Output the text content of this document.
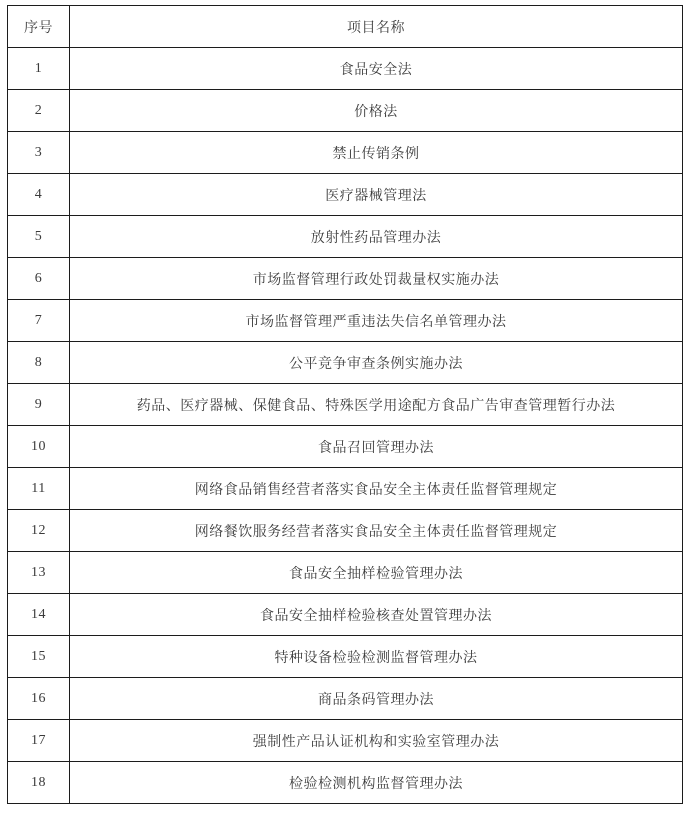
序号	项目名称
1	食品安全法
2	价格法
3	禁止传销条例
4	医疗器械管理法
5	放射性药品管理办法
6	市场监督管理行政处罚裁量权实施办法
7	市场监督管理严重违法失信名单管理办法
8	公平竞争审查条例实施办法
9	药品、医疗器械、保健食品、特殊医学用途配方食品广告审查管理暂行办法
10	食品召回管理办法
11	网络食品销售经营者落实食品安全主体责任监督管理规定
12	网络餐饮服务经营者落实食品安全主体责任监督管理规定
13	食品安全抽样检验管理办法
14	食品安全抽样检验核查处置管理办法
15	特种设备检验检测监督管理办法
16	商品条码管理办法
17	强制性产品认证机构和实验室管理办法
18	检验检测机构监督管理办法
